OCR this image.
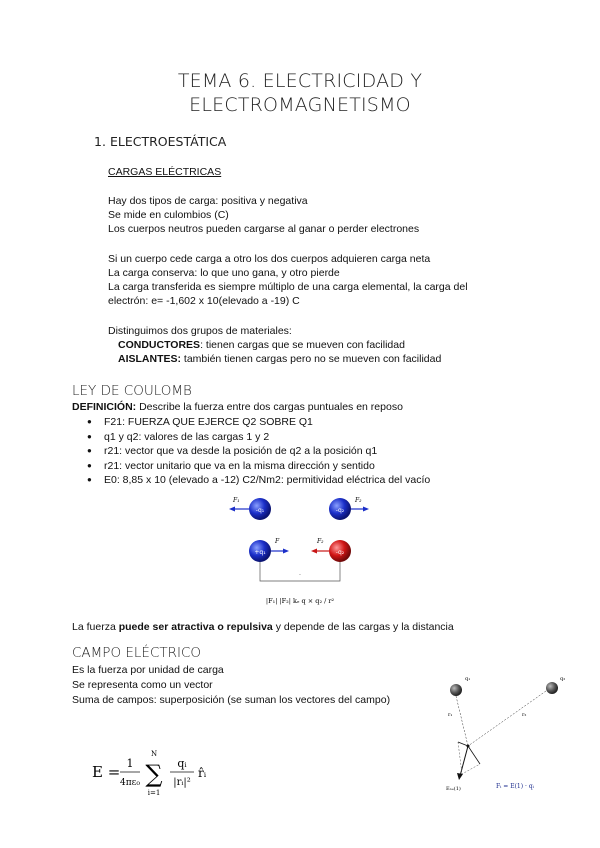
TEMA 6. ELECTRICIDAD Y
ELECTROMAGNETISMO
1. ELECTROESTÁTICA
CARGAS ELÉCTRICAS
Hay dos tipos de carga: positiva y negativa
Se mide en culombios (C)
Los cuerpos neutros pueden cargarse al ganar o perder electrones
Si un cuerpo cede carga a otro los dos cuerpos adquieren carga neta
La carga conserva: lo que uno gana, y otro pierde
La carga transferida es siempre múltiplo de una carga elemental, la carga del
electrón: e= -1,602 x 10(elevado a -19) C
Distinguimos dos grupos de materiales:
CONDUCTORES: tienen cargas que se mueven con facilidad
AISLANTES: también tienen cargas pero no se mueven con facilidad
LEY DE COULOMB
DEFINICIÓN: Describe la fuerza entre dos cargas puntuales en reposo
● F21: FUERZA QUE EJERCE Q2 SOBRE Q1
● q1 y q2: valores de las cargas 1 y 2
● r21: vector que va desde la posición de q2 a la posición q1
● r21: vector unitario que va en la misma dirección y sentido
● E0: 8,85 x 10 (elevado a -12) C2/Nm2: permitividad eléctrica del vacío
-q₁
F₁
-q₂
F₂
+q₁
F	F₂
-q₂
-
|F₁| |F₂| kₑ q × q₂ / r²
La fuerza puede ser atractiva o repulsiva y depende de las cargas y la distancia
CAMPO ELÉCTRICO
Es la fuerza por unidad de carga
Se representa como un vector
Suma de campos: superposición (se suman los vectores del campo)
E = 1
4πε₀
N
∑
i=1
qᵢ
|rᵢ|²
r̂ᵢ
q₁	q₂
r₁	r₂
Eₙₑ(1)	Fᵢ = E(1) · qᵢ
